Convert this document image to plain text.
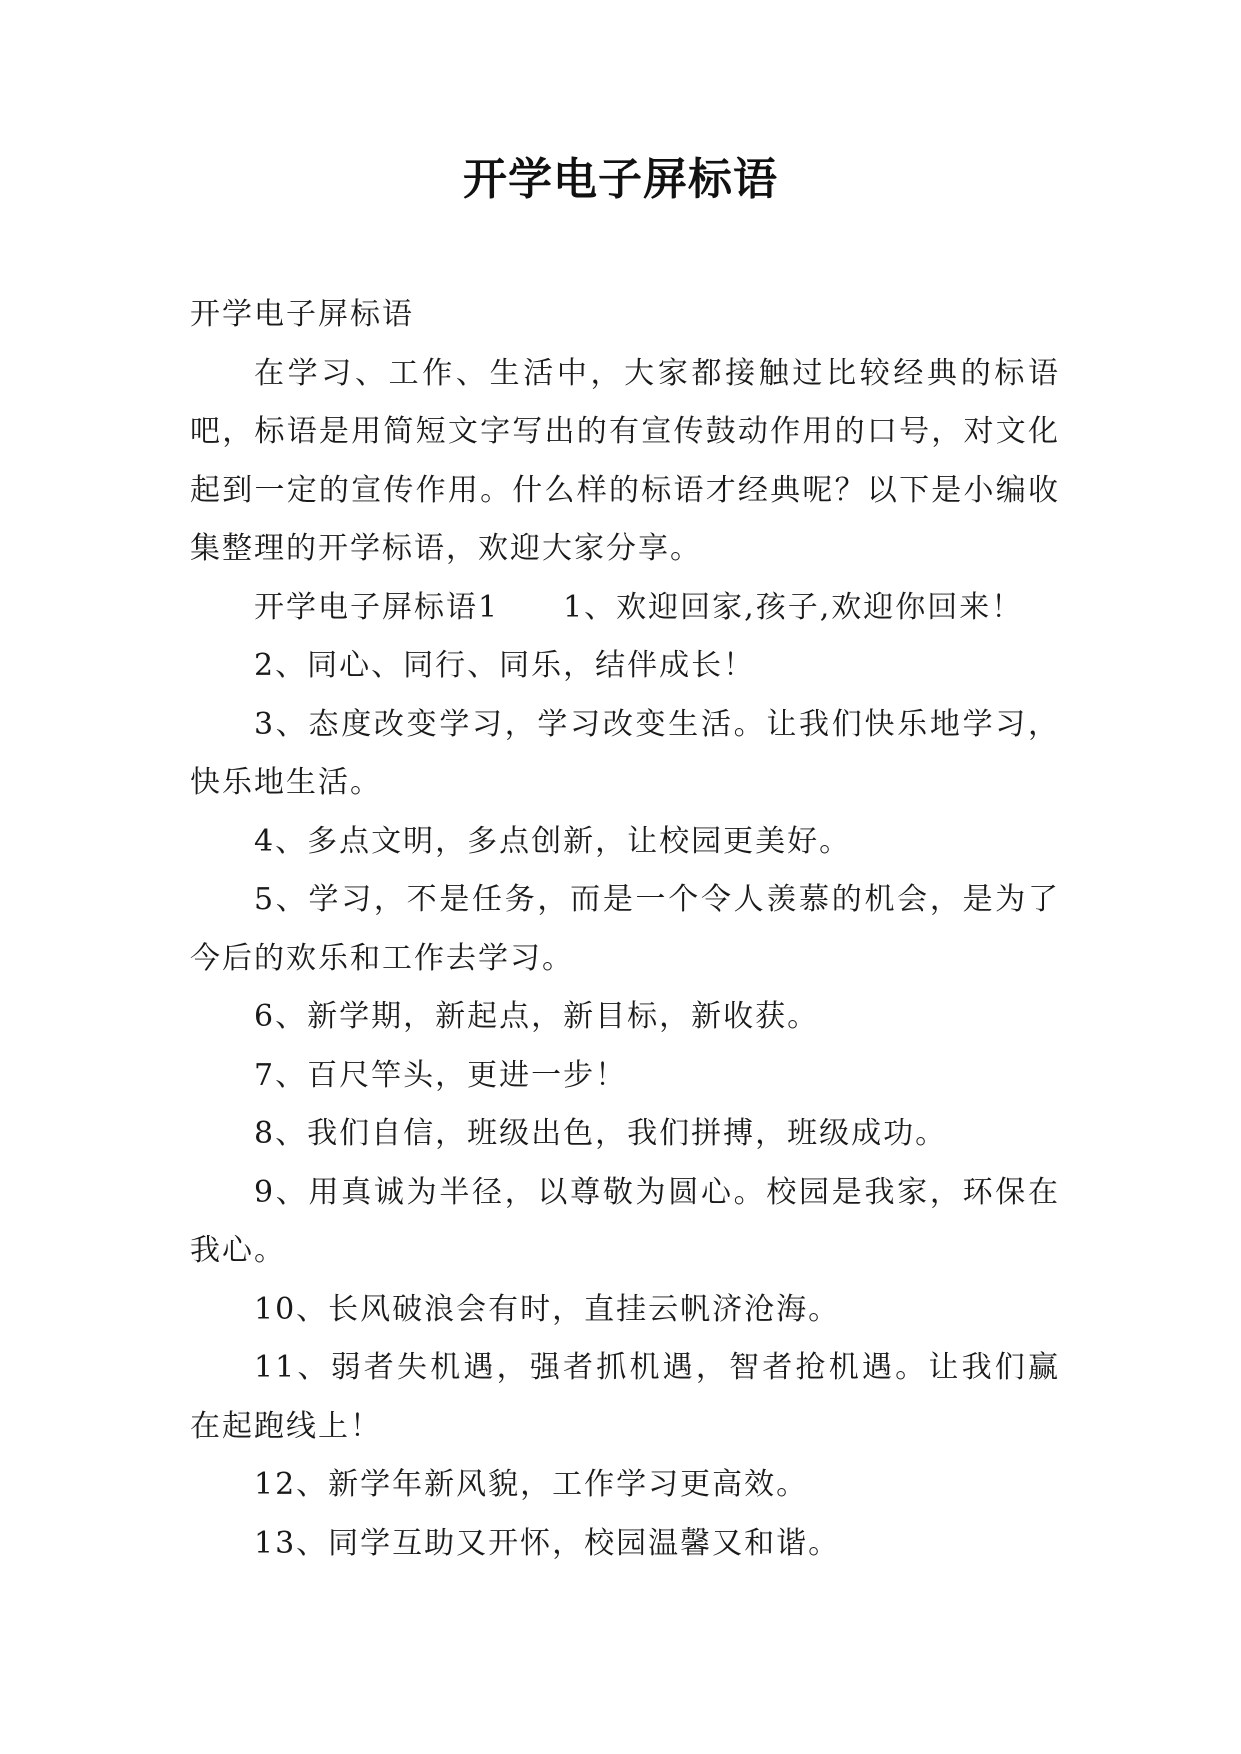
开学电子屏标语

开学电子屏标语

在学习、工作、生活中，大家都接触过比较经典的标语吧，标语是用简短文字写出的有宣传鼓动作用的口号，对文化起到一定的宣传作用。什么样的标语才经典呢？以下是小编收集整理的开学标语，欢迎大家分享。

开学电子屏标语1　　1、欢迎回家,孩子,欢迎你回来！

2、同心、同行、同乐，结伴成长！

3、态度改变学习，学习改变生活。让我们快乐地学习，快乐地生活。

4、多点文明，多点创新，让校园更美好。

5、学习，不是任务，而是一个令人羡慕的机会，是为了今后的欢乐和工作去学习。

6、新学期，新起点，新目标，新收获。

7、百尺竿头，更进一步！

8、我们自信，班级出色，我们拼搏，班级成功。

9、用真诚为半径，以尊敬为圆心。校园是我家，环保在我心。

10、长风破浪会有时，直挂云帆济沧海。

11、弱者失机遇，强者抓机遇，智者抢机遇。让我们赢在起跑线上！

12、新学年新风貌，工作学习更高效。

13、同学互助又开怀，校园温馨又和谐。
